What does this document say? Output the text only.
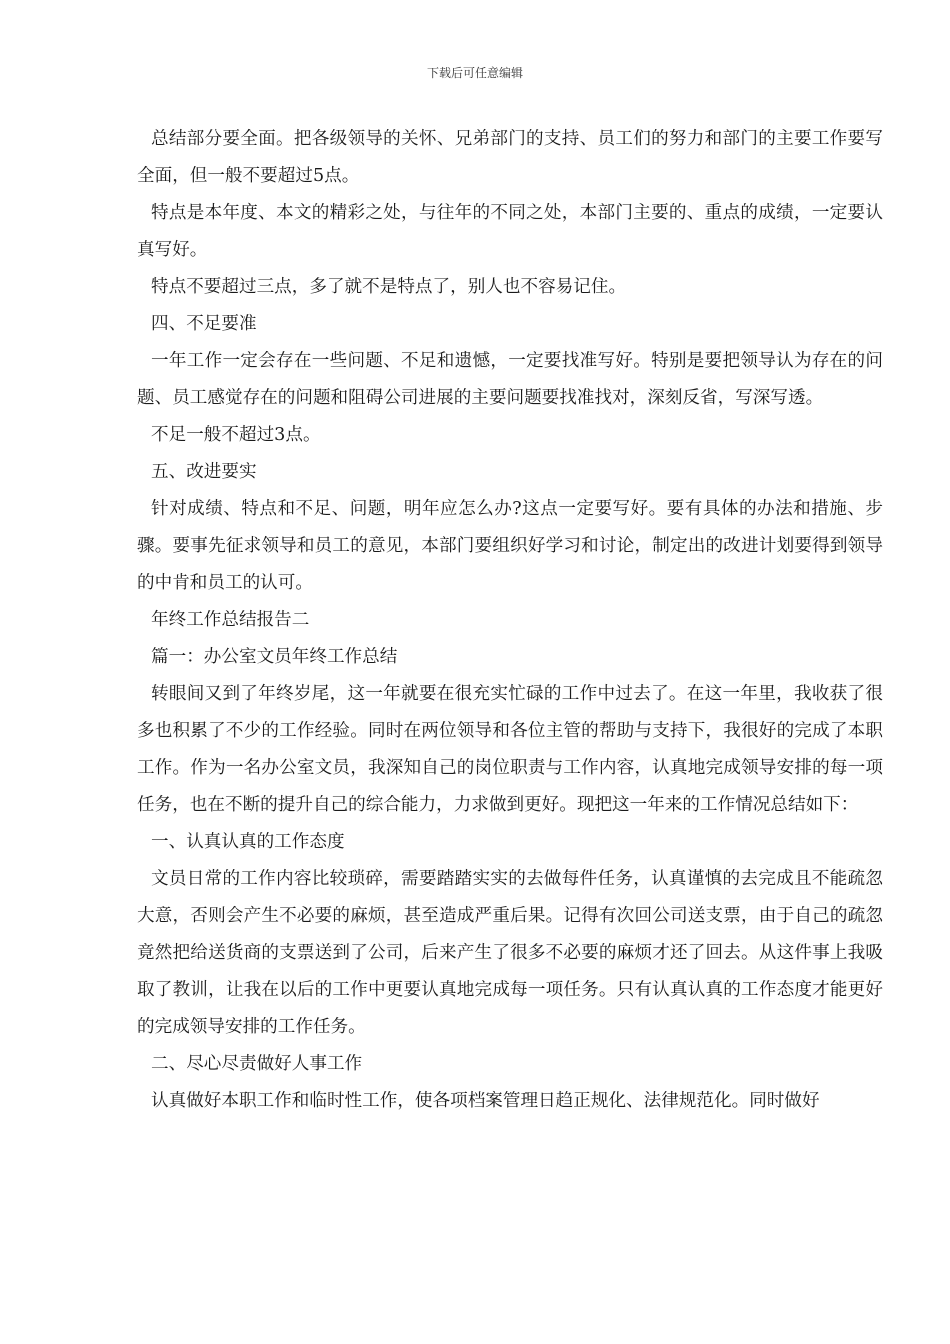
下载后可任意编辑

总结部分要全面。把各级领导的关怀、兄弟部门的支持、员工们的努力和部门的主要工作要写全面，但一般不要超过5点。

特点是本年度、本文的精彩之处，与往年的不同之处，本部门主要的、重点的成绩，一定要认真写好。

特点不要超过三点，多了就不是特点了，别人也不容易记住。

四、不足要准

一年工作一定会存在一些问题、不足和遗憾，一定要找准写好。特别是要把领导认为存在的问题、员工感觉存在的问题和阻碍公司进展的主要问题要找准找对，深刻反省，写深写透。

不足一般不超过3点。

五、改进要实

针对成绩、特点和不足、问题，明年应怎么办?这点一定要写好。要有具体的办法和措施、步骤。要事先征求领导和员工的意见，本部门要组织好学习和讨论，制定出的改进计划要得到领导的中肯和员工的认可。

年终工作总结报告二

篇一：办公室文员年终工作总结

转眼间又到了年终岁尾，这一年就要在很充实忙碌的工作中过去了。在这一年里，我收获了很多也积累了不少的工作经验。同时在两位领导和各位主管的帮助与支持下，我很好的完成了本职工作。作为一名办公室文员，我深知自己的岗位职责与工作内容，认真地完成领导安排的每一项任务，也在不断的提升自己的综合能力，力求做到更好。现把这一年来的工作情况总结如下：

一、认真认真的工作态度

文员日常的工作内容比较琐碎，需要踏踏实实的去做每件任务，认真谨慎的去完成且不能疏忽大意，否则会产生不必要的麻烦，甚至造成严重后果。记得有次回公司送支票，由于自己的疏忽竟然把给送货商的支票送到了公司，后来产生了很多不必要的麻烦才还了回去。从这件事上我吸取了教训，让我在以后的工作中更要认真地完成每一项任务。只有认真认真的工作态度才能更好的完成领导安排的工作任务。

二、尽心尽责做好人事工作

认真做好本职工作和临时性工作，使各项档案管理日趋正规化、法律规范化。同时做好
